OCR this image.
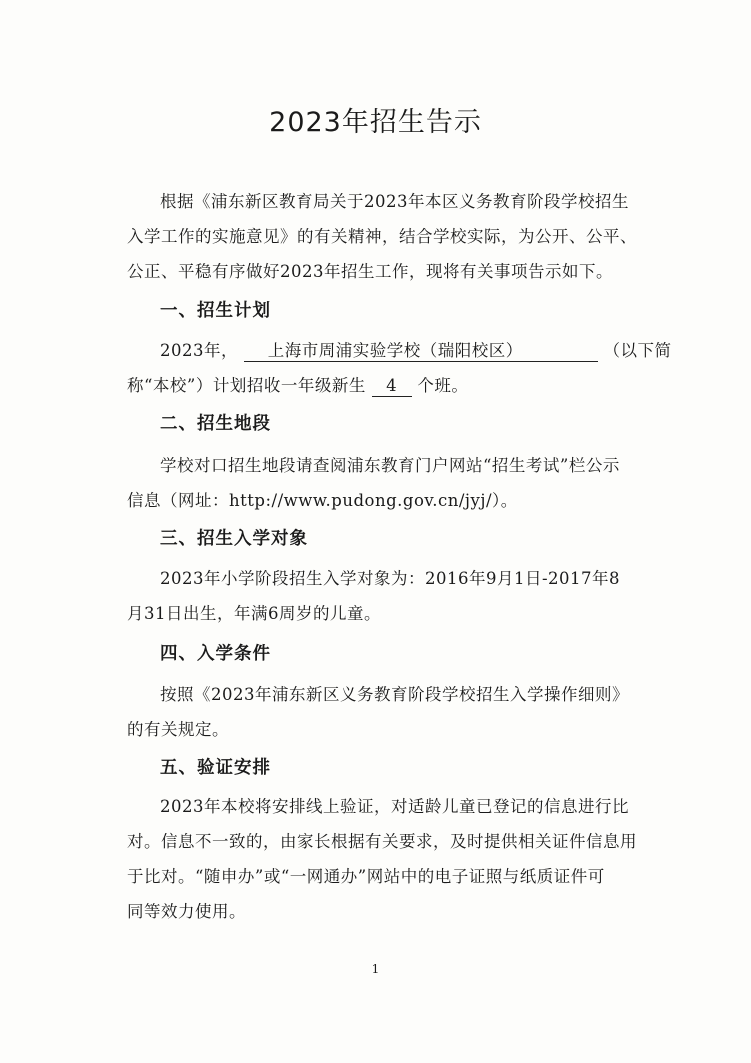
2023年招生告示
根据《浦东新区教育局关于2023年本区义务教育阶段学校招生
入学工作的实施意见》的有关精神，结合学校实际，为公开、公平、
公正、平稳有序做好2023年招生工作，现将有关事项告示如下。
一、招生计划
2023年， 上海市周浦实验学校（瑞阳校区）	（以下简
称“本校”）计划招收一年级新生 4 个班。
二、招生地段
学校对口招生地段请查阅浦东教育门户网站“招生考试”栏公示
信息（网址：http://www.pudong.gov.cn/jyj/）。
三、招生入学对象
2023年小学阶段招生入学对象为：2016年9月1日-2017年8
月31日出生，年满6周岁的儿童。
四、入学条件
按照《2023年浦东新区义务教育阶段学校招生入学操作细则》
的有关规定。
五、验证安排
2023年本校将安排线上验证，对适龄儿童已登记的信息进行比
对。信息不一致的，由家长根据有关要求，及时提供相关证件信息用
于比对。“随申办”或“一网通办”网站中的电子证照与纸质证件可
同等效力使用。
1
